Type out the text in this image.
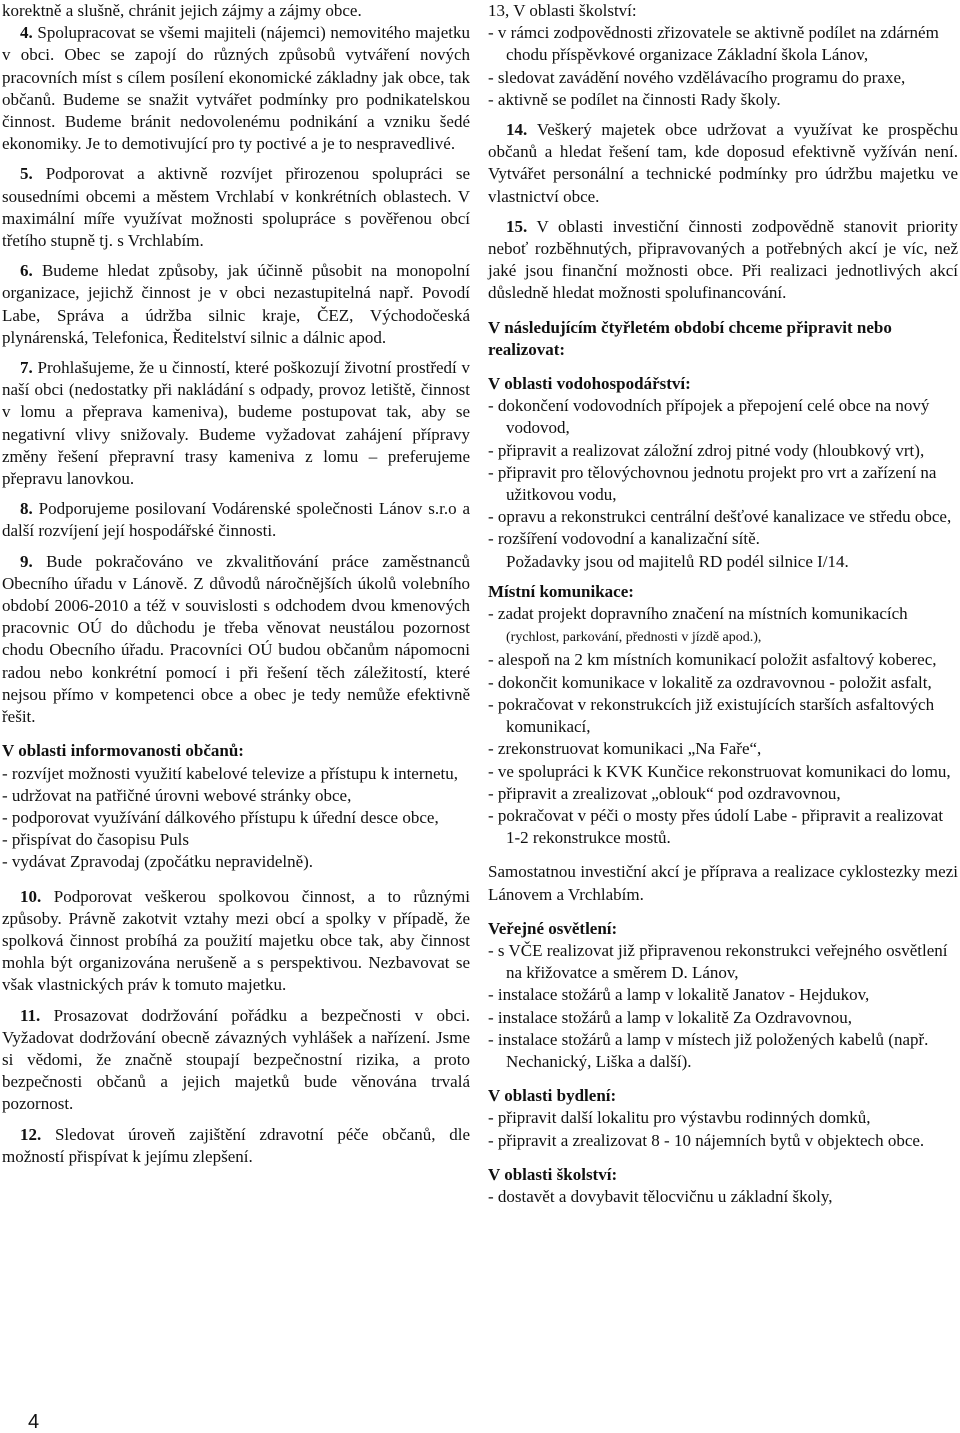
korektně a slušně, chránit jejich zájmy a zájmy obce.

4. Spolupracovat se všemi majiteli (nájemci) nemovitého majetku v obci. Obec se zapojí do různých způsobů vytváření nových pracovních míst s cílem posílení ekonomické základny jak obce, tak občanů. Budeme se snažit vytvářet podmínky pro podnikatelskou činnost. Budeme bránit nedovolenému podnikání a vzniku šedé ekonomiky. Je to demotivující pro ty poctivé a je to nespravedlivé.

5. Podporovat a aktivně rozvíjet přirozenou spolupráci se sousedními obcemi a městem Vrchlabí v konkrétních oblastech. V maximální míře využívat možnosti spolupráce s pověřenou obcí třetího stupně tj. s Vrchlabím.

6. Budeme hledat způsoby, jak účinně působit na monopolní organizace, jejichž činnost je v obci nezastupitelná např. Povodí Labe, Správa a údržba silnic kraje, ČEZ, Východočeská plynárenská, Telefonica, Ředitelství silnic a dálnic apod.

7. Prohlašujeme, že u činností, které poškozují životní prostředí v naší obci (nedostatky při nakládání s odpady, provoz letiště, činnost v lomu a přeprava kameniva), budeme postupovat tak, aby se negativní vlivy snižovaly. Budeme vyžadovat zahájení přípravy změny řešení přepravní trasy kameniva z lomu – preferujeme přepravu lanovkou.

8. Podporujeme posilovaní Vodárenské společnosti Lánov s.r.o a další rozvíjení její hospodářské činnosti.

9. Bude pokračováno ve zkvalitňování práce zaměstnanců Obecního úřadu v Lánově. Z důvodů náročnějších úkolů volebního období 2006-2010 a též v souvislosti s odchodem dvou kmenových pracovnic OÚ do důchodu je třeba věnovat neustálou pozornost chodu Obecního úřadu. Pracovníci OÚ budou občanům nápomocni radou nebo konkrétní pomocí i při řešení těch záležitostí, které nejsou přímo v kompetenci obce a obec je tedy nemůže efektivně řešit.

V oblasti informovanosti občanů:

- rozvíjet možnosti využití kabelové televize a přístupu k internetu,
- udržovat na patřičné úrovni webové stránky obce,
- podporovat využívání dálkového přístupu k úřední desce obce,
- přispívat do časopisu Puls
- vydávat Zpravodaj (zpočátku nepravidelně).

10. Podporovat veškerou spolkovou činnost, a to různými způsoby. Právně zakotvit vztahy mezi obcí a spolky v případě, že spolková činnost probíhá za použití majetku obce tak, aby činnost mohla být organizována nerušeně a s perspektivou. Nezbavovat se však vlastnických práv k tomuto majetku.

11. Prosazovat dodržování pořádku a bezpečnosti v obci. Vyžadovat dodržování obecně závazných vyhlášek a nařízení. Jsme si vědomi, že značně stoupají bezpečnostní rizika, a proto bezpečnosti občanů a jejich majetků bude věnována trvalá pozornost.

12. Sledovat úroveň zajištění zdravotní péče občanů, dle možností přispívat k jejímu zlepšení.

13, V oblasti školství:

- v rámci zodpovědnosti zřizovatele se aktivně podílet na zdárném chodu příspěvkové organizace Základní škola Lánov,
- sledovat zavádění nového vzdělávacího programu do praxe,
- aktivně se podílet na činnosti Rady školy.

14. Veškerý majetek obce udržovat a využívat ke prospěchu občanů a hledat řešení tam, kde doposud efektivně vyžíván není. Vytvářet personální a technické podmínky pro údržbu majetku ve vlastnictví obce.

15. V oblasti investiční činnosti zodpovědně stanovit priority neboť rozběhnutých, připravovaných a potřebných akcí je víc, než jaké jsou finanční možnosti obce. Při realizaci jednotlivých akcí důsledně hledat možnosti spolufinancování.

V následujícím čtyřletém období chceme připravit nebo realizovat:

V oblasti vodohospodářství:

- dokončení vodovodních přípojek a přepojení celé obce na nový vodovod,
- připravit a realizovat záložní zdroj pitné vody (hloubkový vrt),
- připravit pro tělovýchovnou jednotu projekt pro vrt a zařízení na užitkovou vodu,
- opravu a rekonstrukci centrální dešťové kanalizace ve středu obce,
- rozšíření vodovodní a kanalizační sítě.

Požadavky jsou od majitelů RD podél silnice I/14.

Místní komunikace:

- zadat projekt dopravního značení na místních komunikacích (rychlost, parkování, přednosti v jízdě apod.),
- alespoň na 2 km místních komunikací položit asfaltový koberec,
- dokončit komunikace v lokalitě za ozdravovnou - položit asfalt,
- pokračovat v rekonstrukcích již existujících starších asfaltových komunikací,
- zrekonstruovat komunikaci „Na Faře“,
- ve spolupráci k KVK Kunčice rekonstruovat komunikaci do lomu,
- připravit a zrealizovat „oblouk“ pod ozdravovnou,
- pokračovat v péči o mosty přes údolí Labe - připravit a realizovat 1-2 rekonstrukce mostů.

Samostatnou investiční akcí je příprava a realizace cyklostezky mezi Lánovem a Vrchlabím.

Veřejné osvětlení:

- s VČE realizovat již připravenou rekonstrukci veřejného osvětlení na křižovatce a směrem D. Lánov,
- instalace stožárů a lamp v lokalitě Janatov - Hejdukov,
- instalace stožárů a lamp v lokalitě Za Ozdravovnou,
- instalace stožárů a lamp v místech již položených kabelů (např. Nechanický, Liška a další).

V oblasti bydlení:

- připravit další lokalitu pro výstavbu rodinných domků,
- připravit a zrealizovat 8 - 10 nájemních bytů v objektech obce.

V oblasti školství:

- dostavět a dovybavit tělocvičnu u základní školy,
4
